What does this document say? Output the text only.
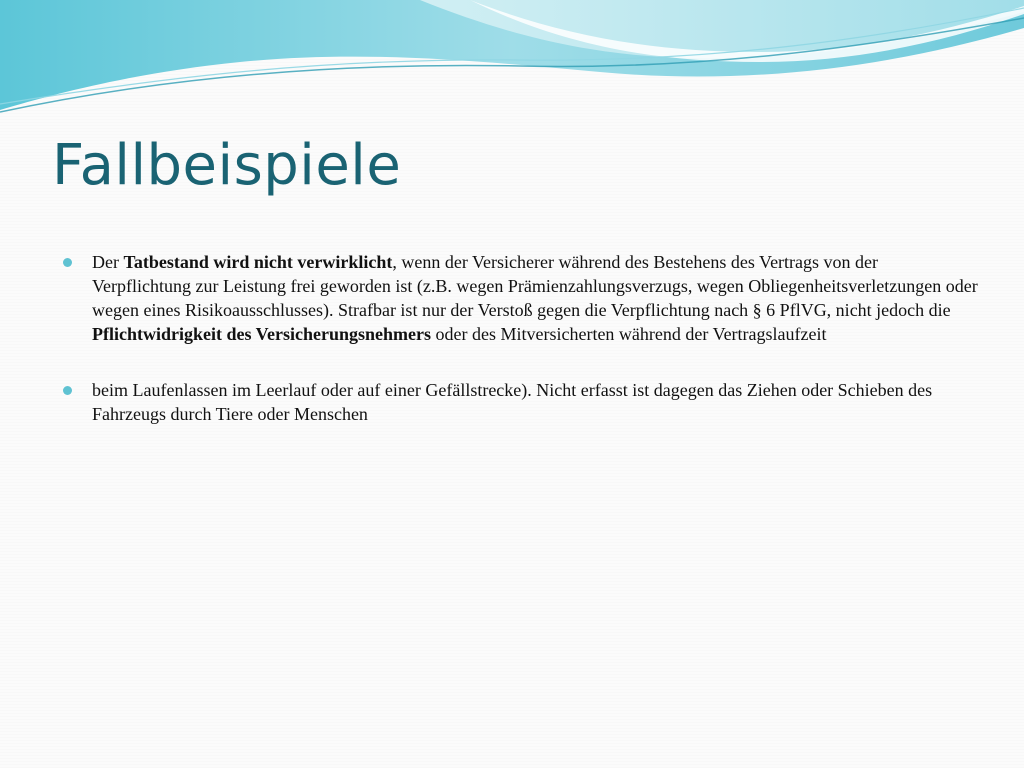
Fallbeispiele
Der Tatbestand wird nicht verwirklicht, wenn der Versicherer während des Bestehens des Vertrags von der Verpflichtung zur Leistung frei geworden ist (z.B. wegen Prämienzahlungsverzugs, wegen Obliegenheitsverletzungen oder wegen eines Risikoausschlusses). Strafbar ist nur der Verstoß gegen die Verpflichtung nach § 6 PflVG, nicht jedoch die Pflichtwidrigkeit des Versicherungsnehmers oder des Mitversicherten während der Vertragslaufzeit
beim Laufenlassen im Leerlauf oder auf einer Gefällstrecke). Nicht erfasst ist dagegen das Ziehen oder Schieben des Fahrzeugs durch Tiere oder Menschen
